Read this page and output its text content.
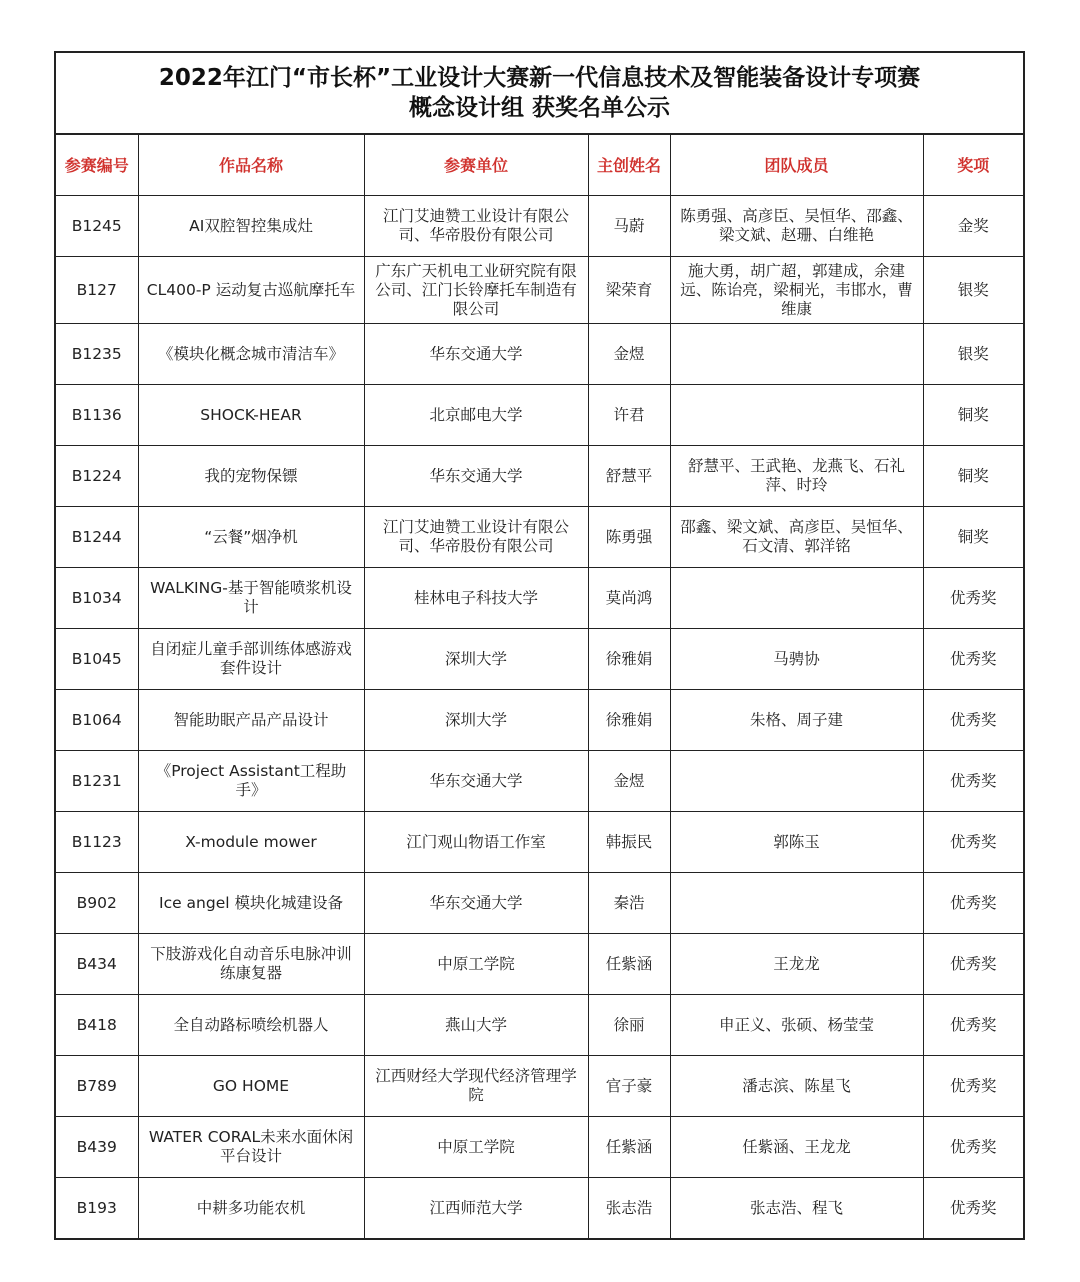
2022年江门“市长杯”工业设计大赛新一代信息技术及智能装备设计专项赛
概念设计组 获奖名单公示
参赛编号	作品名称	参赛单位	主创姓名	团队成员	奖项
B1245	AI双腔智控集成灶	江门艾迪赞工业设计有限公司、华帝股份有限公司	马蔚	陈勇强、高彦臣、吴恒华、邵鑫、梁文斌、赵珊、白维艳	金奖
B127	CL400-P 运动复古巡航摩托车	广东广天机电工业研究院有限公司、江门长铃摩托车制造有限公司	梁荣育	施大勇，胡广超，郭建成，余建远、陈诒亮，梁桐光，韦邯水，曹维康	银奖
B1235	《模块化概念城市清洁车》	华东交通大学	金煜		银奖
B1136	SHOCK-HEAR	北京邮电大学	许君		铜奖
B1224	我的宠物保镖	华东交通大学	舒慧平	舒慧平、王武艳、龙燕飞、石礼萍、时玲	铜奖
B1244	“云餐”烟净机	江门艾迪赞工业设计有限公司、华帝股份有限公司	陈勇强	邵鑫、梁文斌、高彦臣、吴恒华、石文清、郭洋铭	铜奖
B1034	WALKING-基于智能喷浆机设计	桂林电子科技大学	莫尚鸿		优秀奖
B1045	自闭症儿童手部训练体感游戏套件设计	深圳大学	徐雅娟	马骋协	优秀奖
B1064	智能助眠产品产品设计	深圳大学	徐雅娟	朱格、周子建	优秀奖
B1231	《Project Assistant工程助手》	华东交通大学	金煜		优秀奖
B1123	X-module mower	江门观山物语工作室	韩振民	郭陈玉	优秀奖
B902	Ice angel 模块化城建设备	华东交通大学	秦浩		优秀奖
B434	下肢游戏化自动音乐电脉冲训练康复器	中原工学院	任紫涵	王龙龙	优秀奖
B418	全自动路标喷绘机器人	燕山大学	徐丽	申正义、张硕、杨莹莹	优秀奖
B789	GO HOME	江西财经大学现代经济管理学院	官子豪	潘志滨、陈星飞	优秀奖
B439	WATER CORAL未来水面休闲平台设计	中原工学院	任紫涵	任紫涵、王龙龙	优秀奖
B193	中耕多功能农机	江西师范大学	张志浩	张志浩、程飞	优秀奖
